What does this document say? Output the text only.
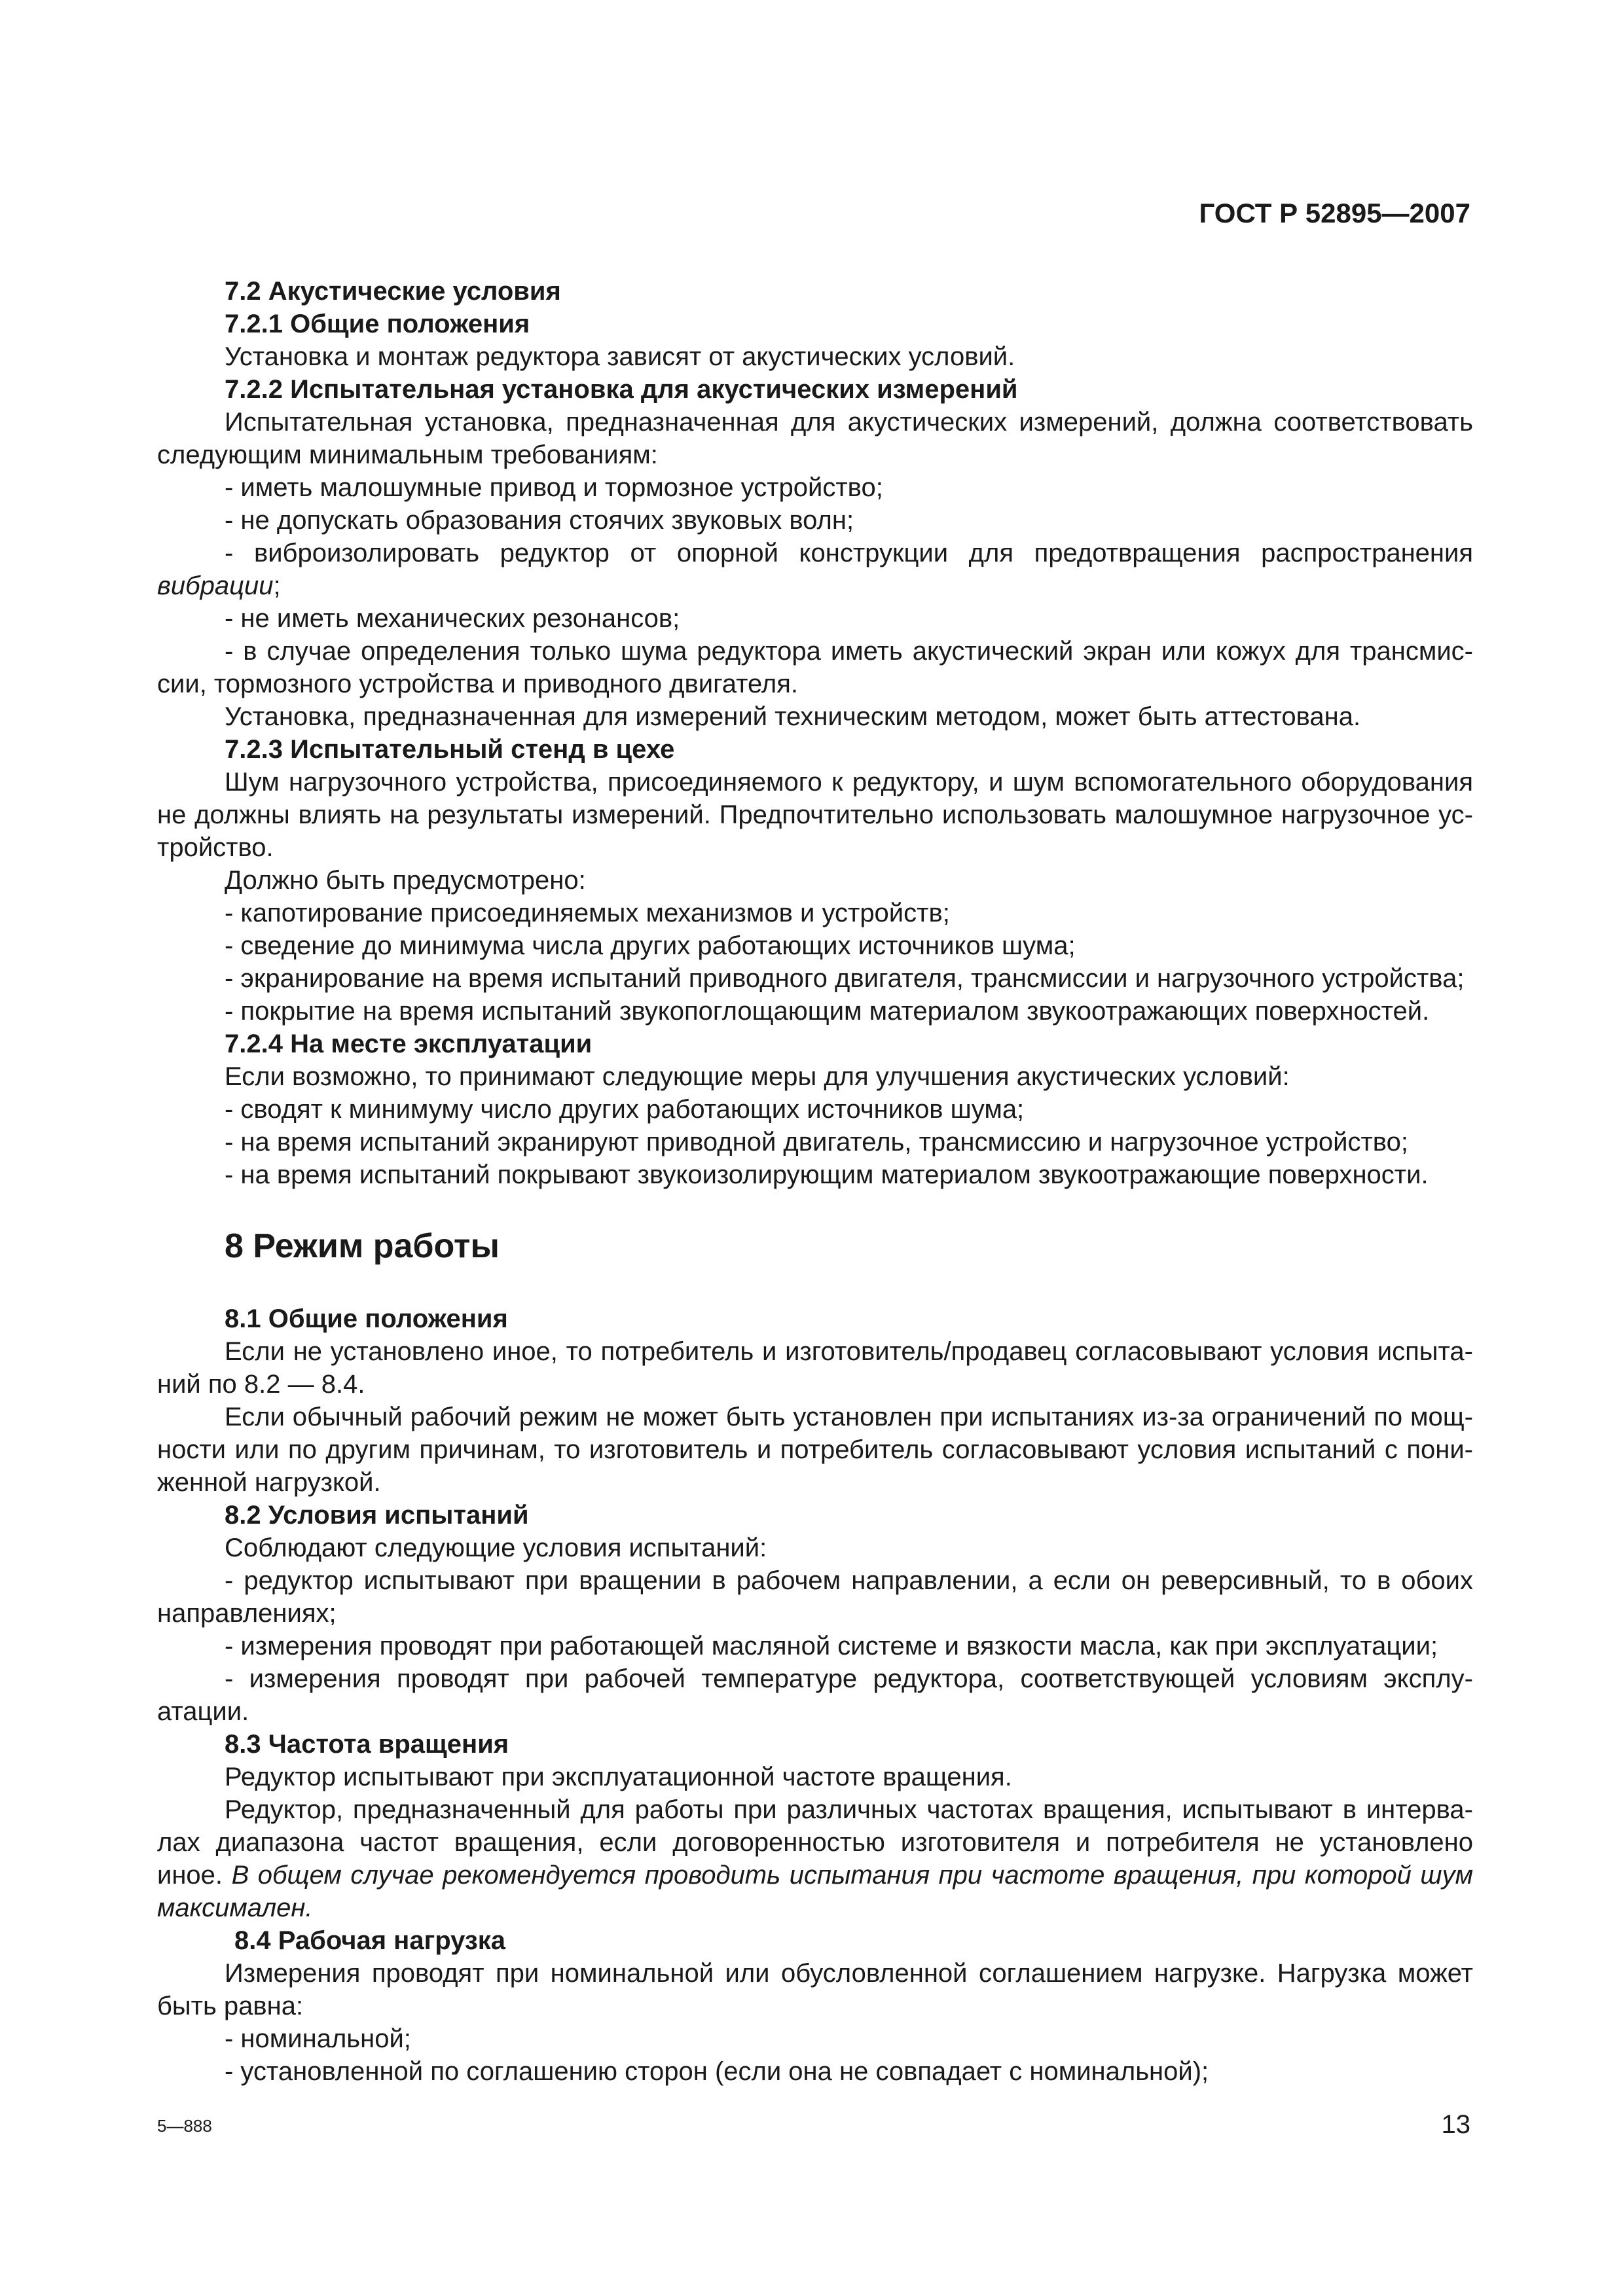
ГОСТ Р 52895—2007
7.2 Акустические условия
7.2.1 Общие положения
Установка и монтаж редуктора зависят от акустических условий.
7.2.2 Испытательная установка для акустических измерений
Испытательная установка, предназначенная для акустических измерений, должна соответствовать
следующим минимальным требованиям:
- иметь малошумные привод и тормозное устройство;
- не допускать образования стоячих звуковых волн;
- виброизолировать редуктор от опорной конструкции для предотвращения распространения
вибрации;
- не иметь механических резонансов;
- в случае определения только шума редуктора иметь акустический экран или кожух для трансмис-
сии, тормозного устройства и приводного двигателя.
Установка, предназначенная для измерений техническим методом, может быть аттестована.
7.2.3 Испытательный стенд в цехе
Шум нагрузочного устройства, присоединяемого к редуктору, и шум вспомогательного оборудования
не должны влиять на результаты измерений. Предпочтительно использовать малошумное нагрузочное ус-
тройство.
Должно быть предусмотрено:
- капотирование присоединяемых механизмов и устройств;
- сведение до минимума числа других работающих источников шума;
- экранирование на время испытаний приводного двигателя, трансмиссии и нагрузочного устройства;
- покрытие на время испытаний звукопоглощающим материалом звукоотражающих поверхностей.
7.2.4 На месте эксплуатации
Если возможно, то принимают следующие меры для улучшения акустических условий:
- сводят к минимуму число других работающих источников шума;
- на время испытаний экранируют приводной двигатель, трансмиссию и нагрузочное устройство;
- на время испытаний покрывают звукоизолирующим материалом звукоотражающие поверхности.
8 Режим работы
8.1 Общие положения
Если не установлено иное, то потребитель и изготовитель/продавец согласовывают условия испыта-
ний по 8.2 — 8.4.
Если обычный рабочий режим не может быть установлен при испытаниях из-за ограничений по мощ-
ности или по другим причинам, то изготовитель и потребитель согласовывают условия испытаний с пони-
женной нагрузкой.
8.2 Условия испытаний
Соблюдают следующие условия испытаний:
- редуктор испытывают при вращении в рабочем направлении, а если он реверсивный, то в обоих
направлениях;
- измерения проводят при работающей масляной системе и вязкости масла, как при эксплуатации;
- измерения проводят при рабочей температуре редуктора, соответствующей условиям эксплу-
атации.
8.3 Частота вращения
Редуктор испытывают при эксплуатационной частоте вращения.
Редуктор, предназначенный для работы при различных частотах вращения, испытывают в интерва-
лах диапазона частот вращения, если договоренностью изготовителя и потребителя не установлено
иное. В общем случае рекомендуется проводить испытания при частоте вращения, при которой шум
максимален.
8.4 Рабочая нагрузка
Измерения проводят при номинальной или обусловленной соглашением нагрузке. Нагрузка может
быть равна:
- номинальной;
- установленной по соглашению сторон (если она не совпадает с номинальной);
5—888	13
